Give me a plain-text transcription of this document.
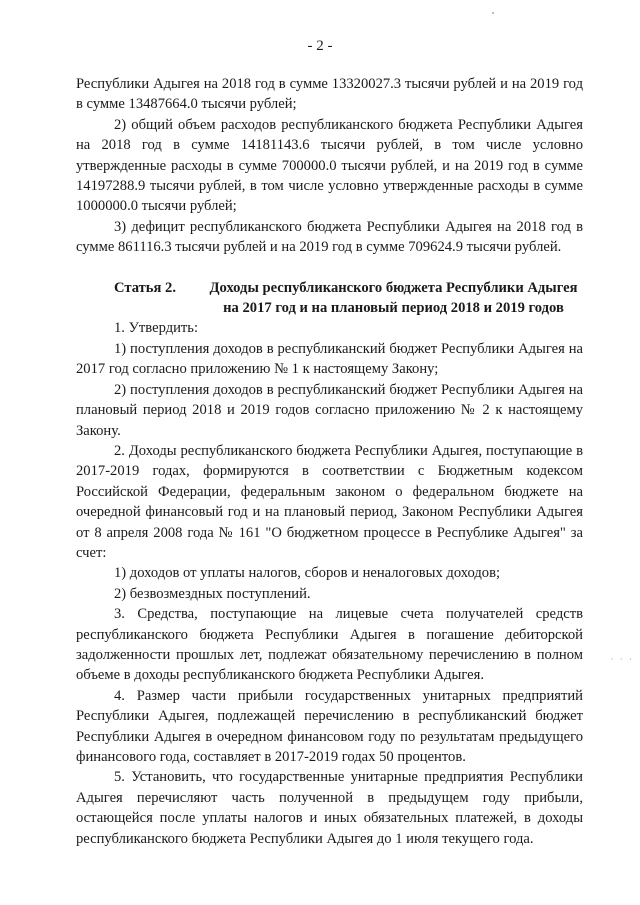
- 2 -

Республики Адыгея на 2018 год в сумме 13320027.3 тысячи рублей и на 2019 год в сумме 13487664.0 тысячи рублей;

2) общий объем расходов республиканского бюджета Республики Адыгея на 2018 год в сумме 14181143.6 тысячи рублей, в том числе условно утвержденные расходы в сумме 700000.0 тысячи рублей, и на 2019 год в сумме 14197288.9 тысячи рублей, в том числе условно утвержденные расходы в сумме 1000000.0 тысячи рублей;

3) дефицит республиканского бюджета Республики Адыгея на 2018 год в сумме 861116.3 тысячи рублей и на 2019 год в сумме 709624.9 тысячи рублей.

Статья 2.	Доходы республиканского бюджета Республики Адыгея на 2017 год и на плановый период 2018 и 2019 годов

1. Утвердить:

1) поступления доходов в республиканский бюджет Республики Адыгея на 2017 год согласно приложению № 1 к настоящему Закону;

2) поступления доходов в республиканский бюджет Республики Адыгея на плановый период 2018 и 2019 годов согласно приложению № 2 к настоящему Закону.

2. Доходы республиканского бюджета Республики Адыгея, поступающие в 2017-2019 годах, формируются в соответствии с Бюджетным кодексом Российской Федерации, федеральным законом о федеральном бюджете на очередной финансовый год и на плановый период, Законом Республики Адыгея от 8 апреля 2008 года № 161 "О бюджетном процессе в Республике Адыгея" за счет:

1) доходов от уплаты налогов, сборов и неналоговых доходов;

2) безвозмездных поступлений.

3. Средства, поступающие на лицевые счета получателей средств республиканского бюджета Республики Адыгея в погашение дебиторской задолженности прошлых лет, подлежат обязательному перечислению в полном объеме в доходы республиканского бюджета Республики Адыгея.

4. Размер части прибыли государственных унитарных предприятий Республики Адыгея, подлежащей перечислению в республиканский бюджет Республики Адыгея в очередном финансовом году по результатам предыдущего финансового года, составляет в 2017-2019 годах 50 процентов.

5. Установить, что государственные унитарные предприятия Республики Адыгея перечисляют часть полученной в предыдущем году прибыли, остающейся после уплаты налогов и иных обязательных платежей, в доходы республиканского бюджета Республики Адыгея до 1 июля текущего года.

· · ·
